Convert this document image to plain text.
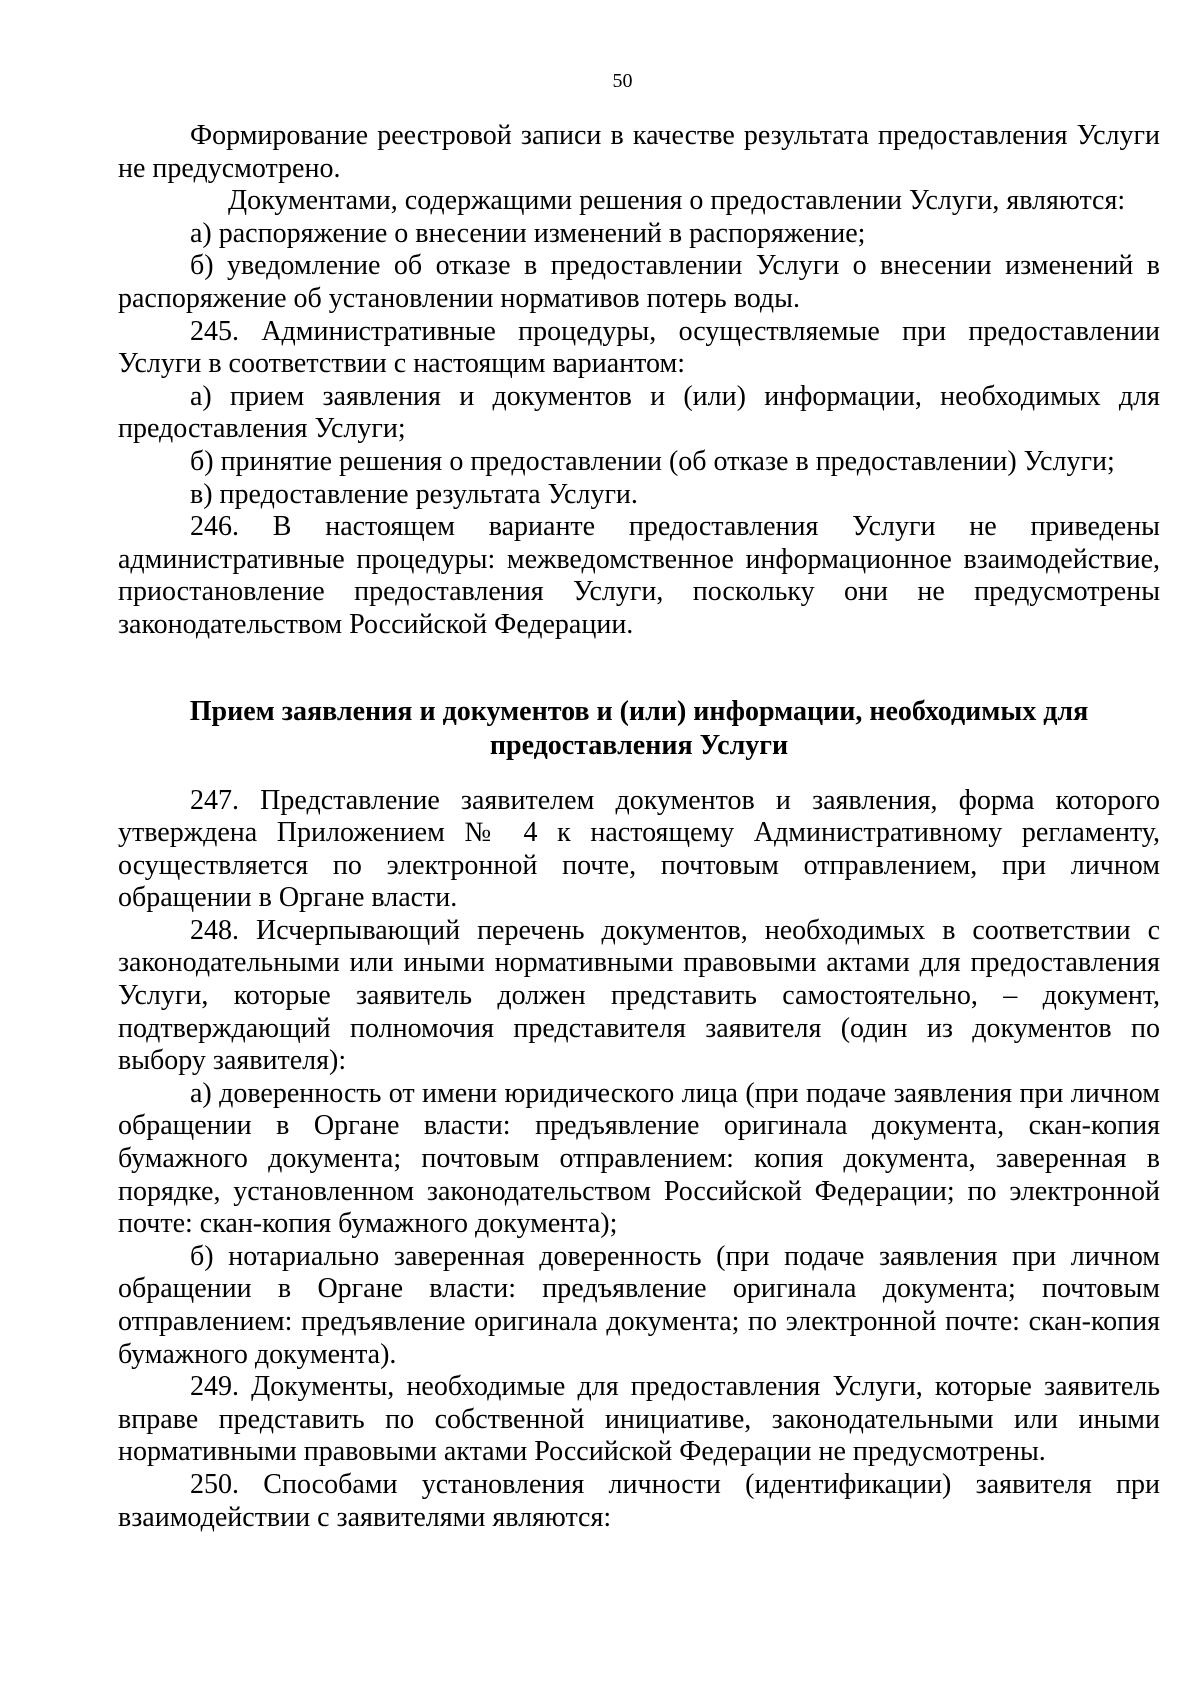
50

Формирование реестровой записи в качестве результата предоставления Услуги не предусмотрено.

Документами, содержащими решения о предоставлении Услуги, являются:

а) распоряжение о внесении изменений в распоряжение;

б) уведомление об отказе в предоставлении Услуги о внесении изменений в распоряжение об установлении нормативов потерь воды.

245. Административные процедуры, осуществляемые при предоставлении Услуги в соответствии с настоящим вариантом:

а) прием заявления и документов и (или) информации, необходимых для предоставления Услуги;

б) принятие решения о предоставлении (об отказе в предоставлении) Услуги;

в) предоставление результата Услуги.

246. В настоящем варианте предоставления Услуги не приведены административные процедуры: межведомственное информационное взаимодействие, приостановление предоставления Услуги, поскольку они не предусмотрены законодательством Российской Федерации.

Прием заявления и документов и (или) информации, необходимых для предоставления Услуги

247. Представление заявителем документов и заявления, форма которого утверждена Приложением № 4 к настоящему Административному регламенту, осуществляется по электронной почте, почтовым отправлением, при личном обращении в Органе власти.

248. Исчерпывающий перечень документов, необходимых в соответствии с законодательными или иными нормативными правовыми актами для предоставления Услуги, которые заявитель должен представить самостоятельно, – документ, подтверждающий полномочия представителя заявителя (один из документов по выбору заявителя):

а) доверенность от имени юридического лица (при подаче заявления при личном обращении в Органе власти: предъявление оригинала документа, скан-копия бумажного документа; почтовым отправлением: копия документа, заверенная в порядке, установленном законодательством Российской Федерации; по электронной почте: скан-копия бумажного документа);

б) нотариально заверенная доверенность (при подаче заявления при личном обращении в Органе власти: предъявление оригинала документа; почтовым отправлением: предъявление оригинала документа; по электронной почте: скан-копия бумажного документа).

249. Документы, необходимые для предоставления Услуги, которые заявитель вправе представить по собственной инициативе, законодательными или иными нормативными правовыми актами Российской Федерации не предусмотрены.

250. Способами установления личности (идентификации) заявителя при взаимодействии с заявителями являются:
